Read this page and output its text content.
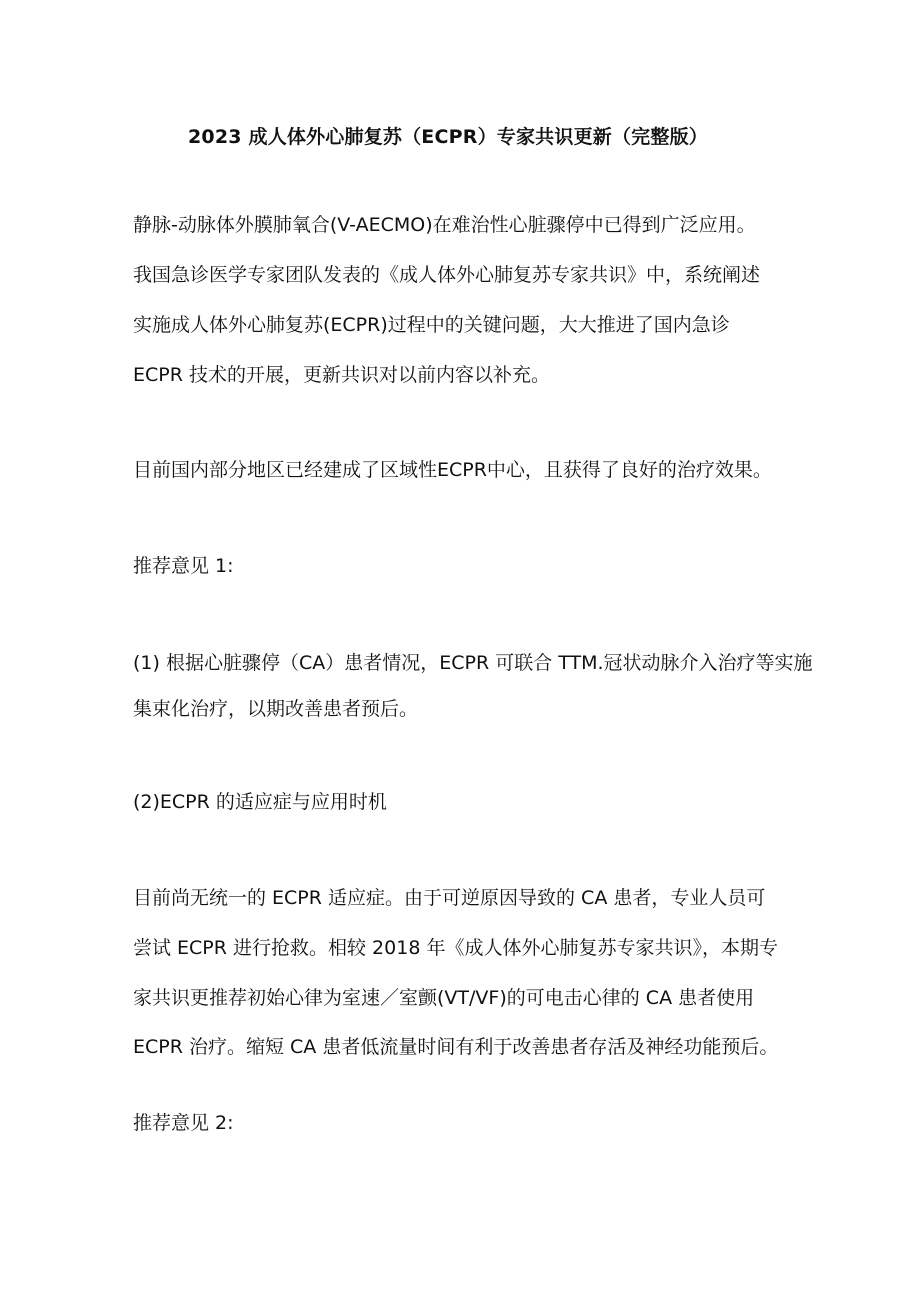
2023 成人体外心肺复苏（ECPR）专家共识更新（完整版）
静脉-动脉体外膜肺氧合(V-AECMO)在难治性心脏骤停中已得到广泛应用。
我国急诊医学专家团队发表的《成人体外心肺复苏专家共识》中，系统阐述
实施成人体外心肺复苏(ECPR)过程中的关键问题，大大推进了国内急诊
ECPR 技术的开展，更新共识对以前内容以补充。
目前国内部分地区已经建成了区域性ECPR中心，且获得了良好的治疗效果。
推荐意见 1:
(1) 根据心脏骤停（CA）患者情况，ECPR 可联合 TTM.冠状动脉介入治疗等实施
集束化治疗，以期改善患者预后。
(2)ECPR 的适应症与应用时机
目前尚无统一的 ECPR 适应症。由于可逆原因导致的 CA 患者，专业人员可
尝试 ECPR 进行抢救。相较 2018 年《成人体外心肺复苏专家共识》，本期专
家共识更推荐初始心律为室速／室颤(VT/VF)的可电击心律的 CA 患者使用
ECPR 治疗。缩短 CA 患者低流量时间有利于改善患者存活及神经功能预后。
推荐意见 2:
